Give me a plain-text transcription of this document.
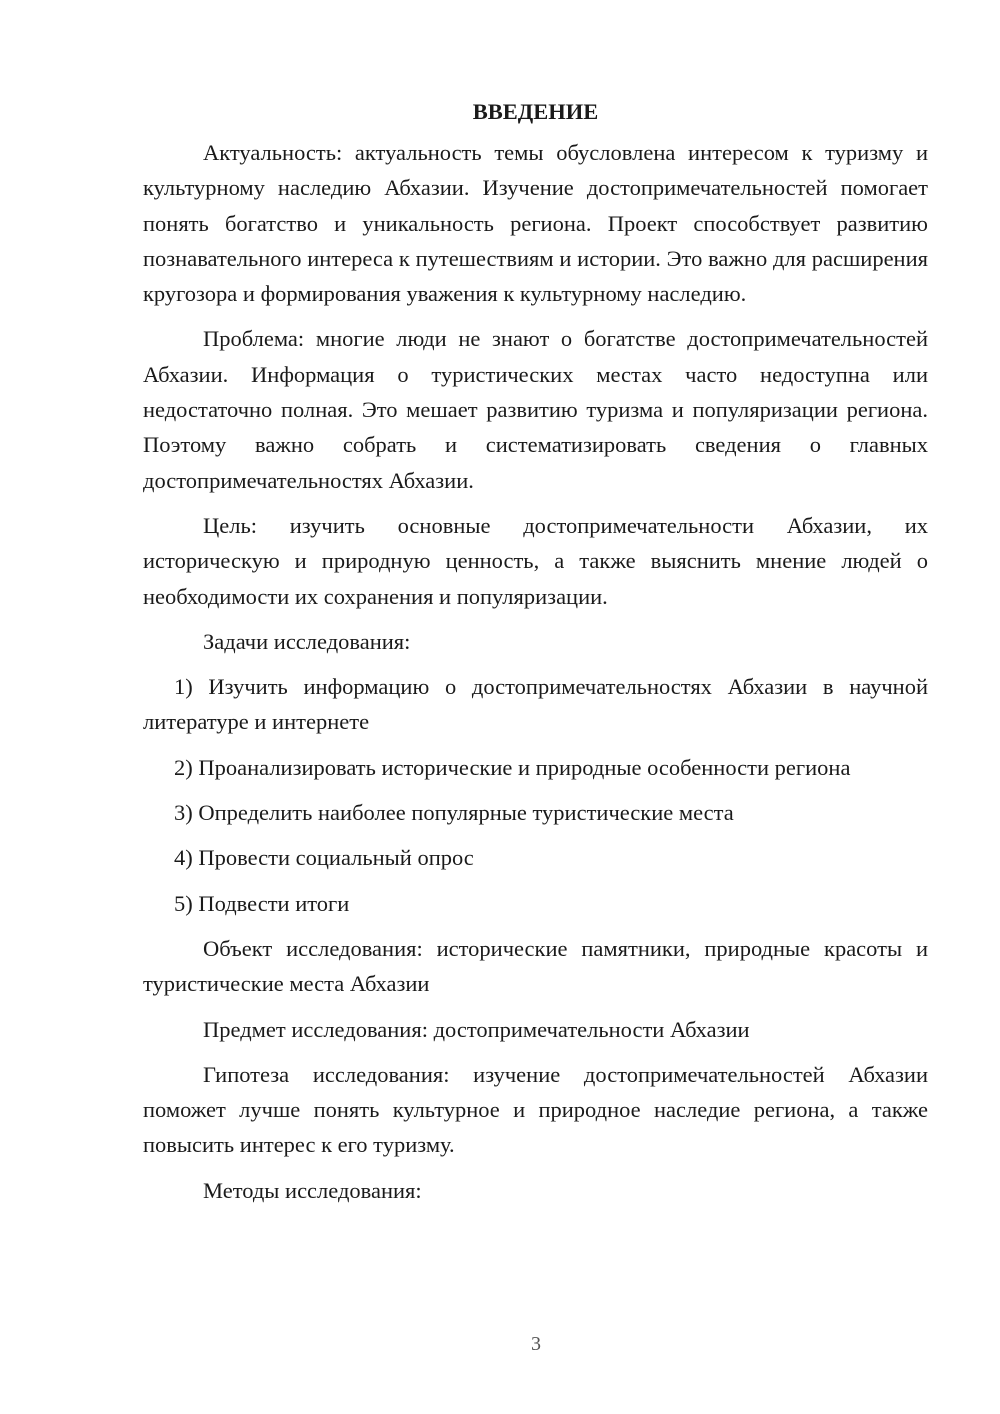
ВВЕДЕНИЕ

Актуальность: актуальность темы обусловлена интересом к туризму и культурному наследию Абхазии. Изучение достопримечательностей помогает понять богатство и уникальность региона. Проект способствует развитию познавательного интереса к путешествиям и истории. Это важно для расширения кругозора и формирования уважения к культурному наследию.

Проблема: многие люди не знают о богатстве достопримечательностей Абхазии. Информация о туристических местах часто недоступна или недостаточно полная. Это мешает развитию туризма и популяризации региона. Поэтому важно собрать и систематизировать сведения о главных достопримечательностях Абхазии.

Цель: изучить основные достопримечательности Абхазии, их историческую и природную ценность, а также выяснить мнение людей о необходимости их сохранения и популяризации.

Задачи исследования:

1) Изучить информацию о достопримечательностях Абхазии в научной литературе и интернете

2) Проанализировать исторические и природные особенности региона

3) Определить наиболее популярные туристические места

4) Провести социальный опрос

5) Подвести итоги

Объект исследования: исторические памятники, природные красоты и туристические места Абхазии

Предмет исследования: достопримечательности Абхазии

Гипотеза исследования: изучение достопримечательностей Абхазии поможет лучше понять культурное и природное наследие региона, а также повысить интерес к его туризму.

Методы исследования:

3
